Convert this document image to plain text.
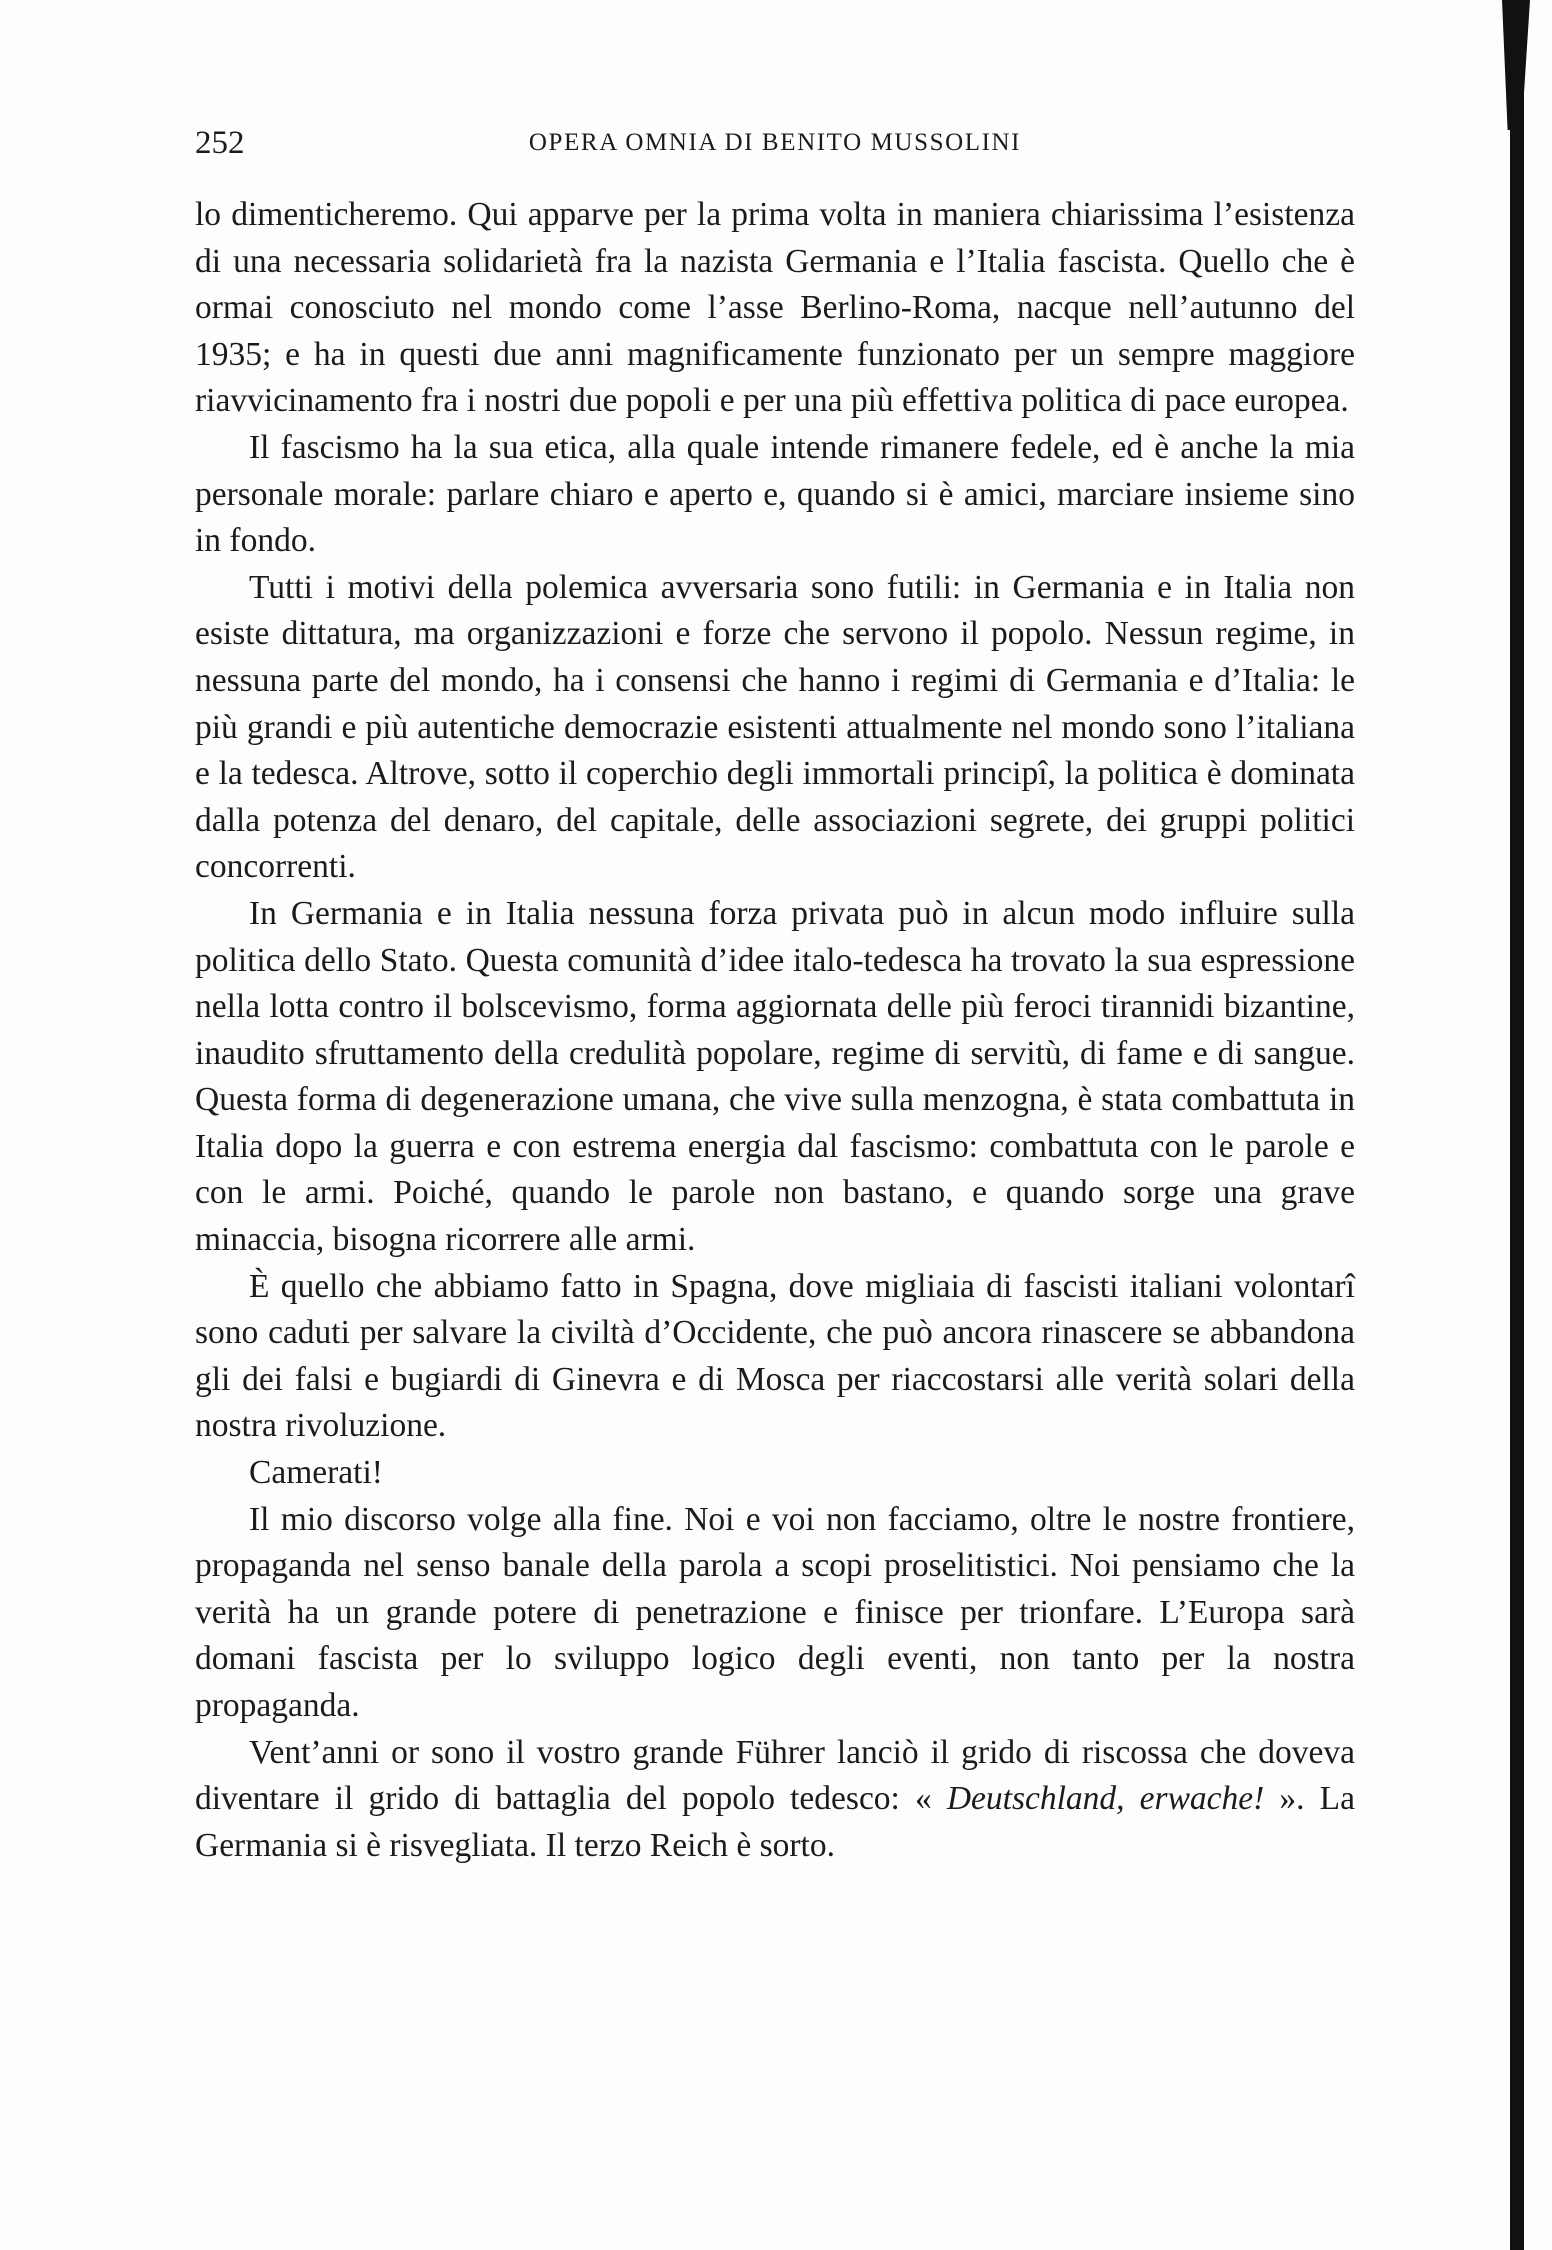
252	OPERA OMNIA DI BENITO MUSSOLINI

lo dimenticheremo. Qui apparve per la prima volta in maniera chiarissima l’esistenza di una necessaria solidarietà fra la nazista Germania e l’Italia fascista. Quello che è ormai conosciuto nel mondo come l’asse Berlino-Roma, nacque nell’autunno del 1935; e ha in questi due anni magnificamente funzionato per un sempre maggiore riavvicinamento fra i nostri due popoli e per una più effettiva politica di pace europea.

Il fascismo ha la sua etica, alla quale intende rimanere fedele, ed è anche la mia personale morale: parlare chiaro e aperto e, quando si è amici, marciare insieme sino in fondo.

Tutti i motivi della polemica avversaria sono futili: in Germania e in Italia non esiste dittatura, ma organizzazioni e forze che servono il popolo. Nessun regime, in nessuna parte del mondo, ha i consensi che hanno i regimi di Germania e d’Italia: le più grandi e più autentiche democrazie esistenti attualmente nel mondo sono l’italiana e la tedesca. Altrove, sotto il coperchio degli immortali principî, la politica è dominata dalla potenza del denaro, del capitale, delle associazioni segrete, dei gruppi politici concorrenti.

In Germania e in Italia nessuna forza privata può in alcun modo influire sulla politica dello Stato. Questa comunità d’idee italo-tedesca ha trovato la sua espressione nella lotta contro il bolscevismo, forma aggiornata delle più feroci tirannidi bizantine, inaudito sfruttamento della credulità popolare, regime di servitù, di fame e di sangue. Questa forma di degenerazione umana, che vive sulla menzogna, è stata combattuta in Italia dopo la guerra e con estrema energia dal fascismo: combattuta con le parole e con le armi. Poiché, quando le parole non bastano, e quando sorge una grave minaccia, bisogna ricorrere alle armi.

È quello che abbiamo fatto in Spagna, dove migliaia di fascisti italiani volontarî sono caduti per salvare la civiltà d’Occidente, che può ancora rinascere se abbandona gli dei falsi e bugiardi di Ginevra e di Mosca per riaccostarsi alle verità solari della nostra rivoluzione.

Camerati!

Il mio discorso volge alla fine. Noi e voi non facciamo, oltre le nostre frontiere, propaganda nel senso banale della parola a scopi proselitistici. Noi pensiamo che la verità ha un grande potere di penetrazione e finisce per trionfare. L’Europa sarà domani fascista per lo sviluppo logico degli eventi, non tanto per la nostra propaganda.

Vent’anni or sono il vostro grande Führer lanciò il grido di riscossa che doveva diventare il grido di battaglia del popolo tedesco: « Deutschland, erwache! ». La Germania si è risvegliata. Il terzo Reich è sorto.
